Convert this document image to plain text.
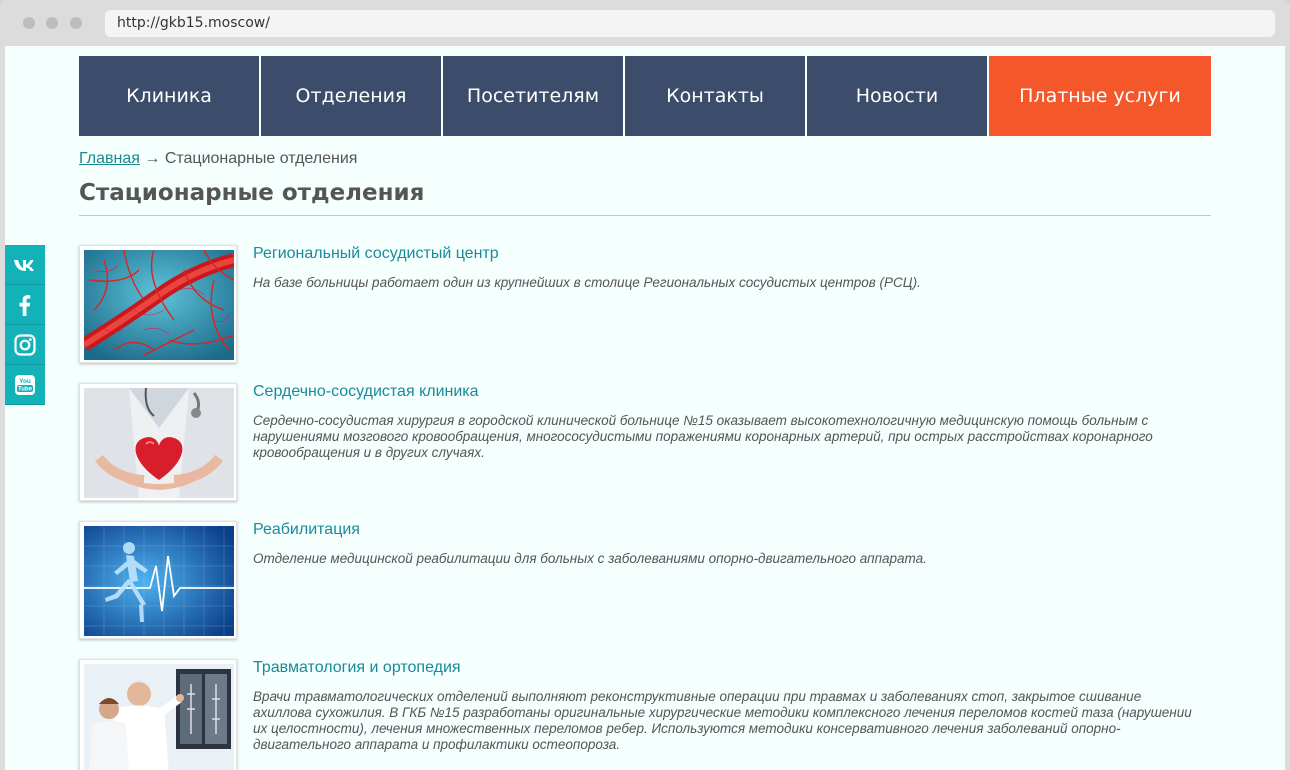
http://gkb15.moscow/
Клиника	Отделения	Посетителям	Контакты	Новости	Платные услуги
Главная → Стационарные отделения
Стационарные отделения
Региональный сосудистый центр
На базе больницы работает один из крупнейших в столице Региональных сосудистых центров (РСЦ).
Сердечно-сосудистая клиника
Сердечно-сосудистая хирургия в городской клинической больнице №15 оказывает высокотехнологичную медицинскую помощь больным с нарушениями мозгового кровообращения, многососудистыми поражениями коронарных артерий, при острых расстройствах коронарного кровообращения и в других случаях.
Реабилитация
Отделение медицинской реабилитации для больных с заболеваниями опорно-двигательного аппарата.
Травматология и ортопедия
Врачи травматологических отделений выполняют реконструктивные операции при травмах и заболеваниях стоп, закрытое сшивание ахиллова сухожилия. В ГКБ №15 разработаны оригинальные хирургические методики комплексного лечения переломов костей таза (нарушении их целостности), лечения множественных переломов ребер. Используются методики консервативного лечения заболеваний опорно-двигательного аппарата и профилактики остеопороза.
You
Tube
